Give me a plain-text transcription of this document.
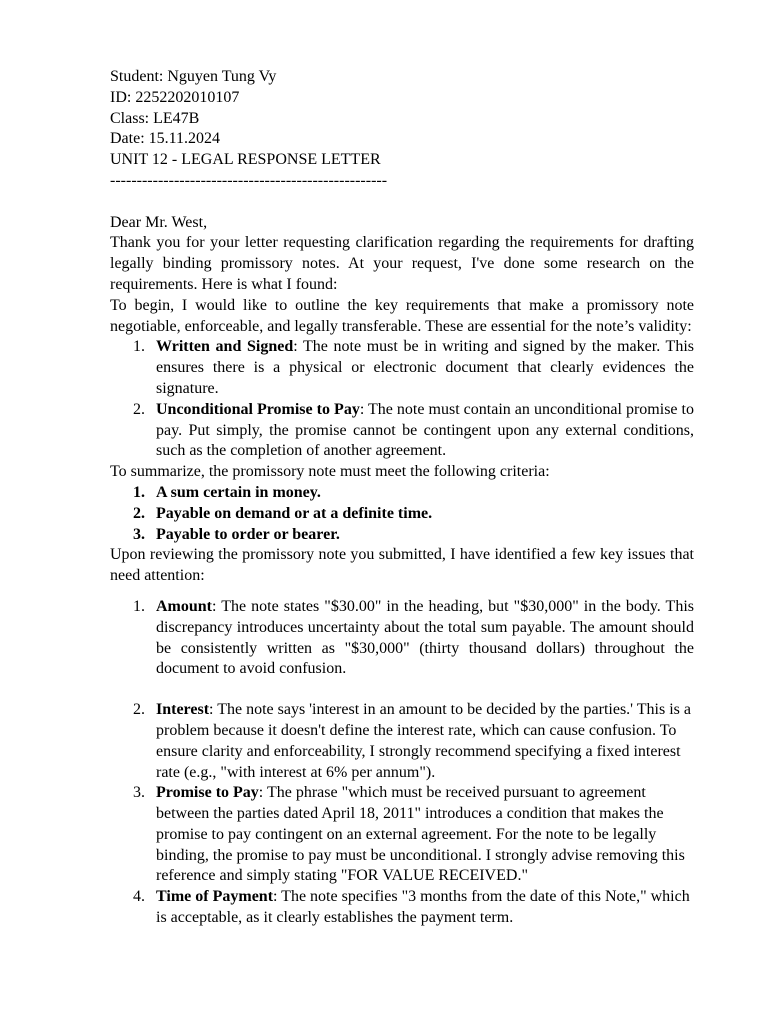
Student: Nguyen Tung Vy
ID: 2252202010107
Class: LE47B
Date: 15.11.2024
UNIT 12 - LEGAL RESPONSE LETTER
----------------------------------------------------

Dear Mr. West,

Thank you for your letter requesting clarification regarding the requirements for drafting legally binding promissory notes. At your request, I've done some research on the requirements. Here is what I found:

To begin, I would like to outline the key requirements that make a promissory note negotiable, enforceable, and legally transferable. These are essential for the note’s validity:

1. Written and Signed: The note must be in writing and signed by the maker. This ensures there is a physical or electronic document that clearly evidences the signature.
2. Unconditional Promise to Pay: The note must contain an unconditional promise to pay. Put simply, the promise cannot be contingent upon any external conditions, such as the completion of another agreement.

To summarize, the promissory note must meet the following criteria:

1. A sum certain in money.
2. Payable on demand or at a definite time.
3. Payable to order or bearer.

Upon reviewing the promissory note you submitted, I have identified a few key issues that need attention:

1. Amount: The note states "$30.00" in the heading, but "$30,000" in the body. This discrepancy introduces uncertainty about the total sum payable. The amount should be consistently written as "$30,000" (thirty thousand dollars) throughout the document to avoid confusion.
2. Interest: The note says 'interest in an amount to be decided by the parties.' This is a problem because it doesn't define the interest rate, which can cause confusion. To ensure clarity and enforceability, I strongly recommend specifying a fixed interest rate (e.g., "with interest at 6% per annum").
3. Promise to Pay: The phrase "which must be received pursuant to agreement between the parties dated April 18, 2011" introduces a condition that makes the promise to pay contingent on an external agreement. For the note to be legally binding, the promise to pay must be unconditional. I strongly advise removing this reference and simply stating "FOR VALUE RECEIVED."
4. Time of Payment: The note specifies "3 months from the date of this Note," which is acceptable, as it clearly establishes the payment term.
